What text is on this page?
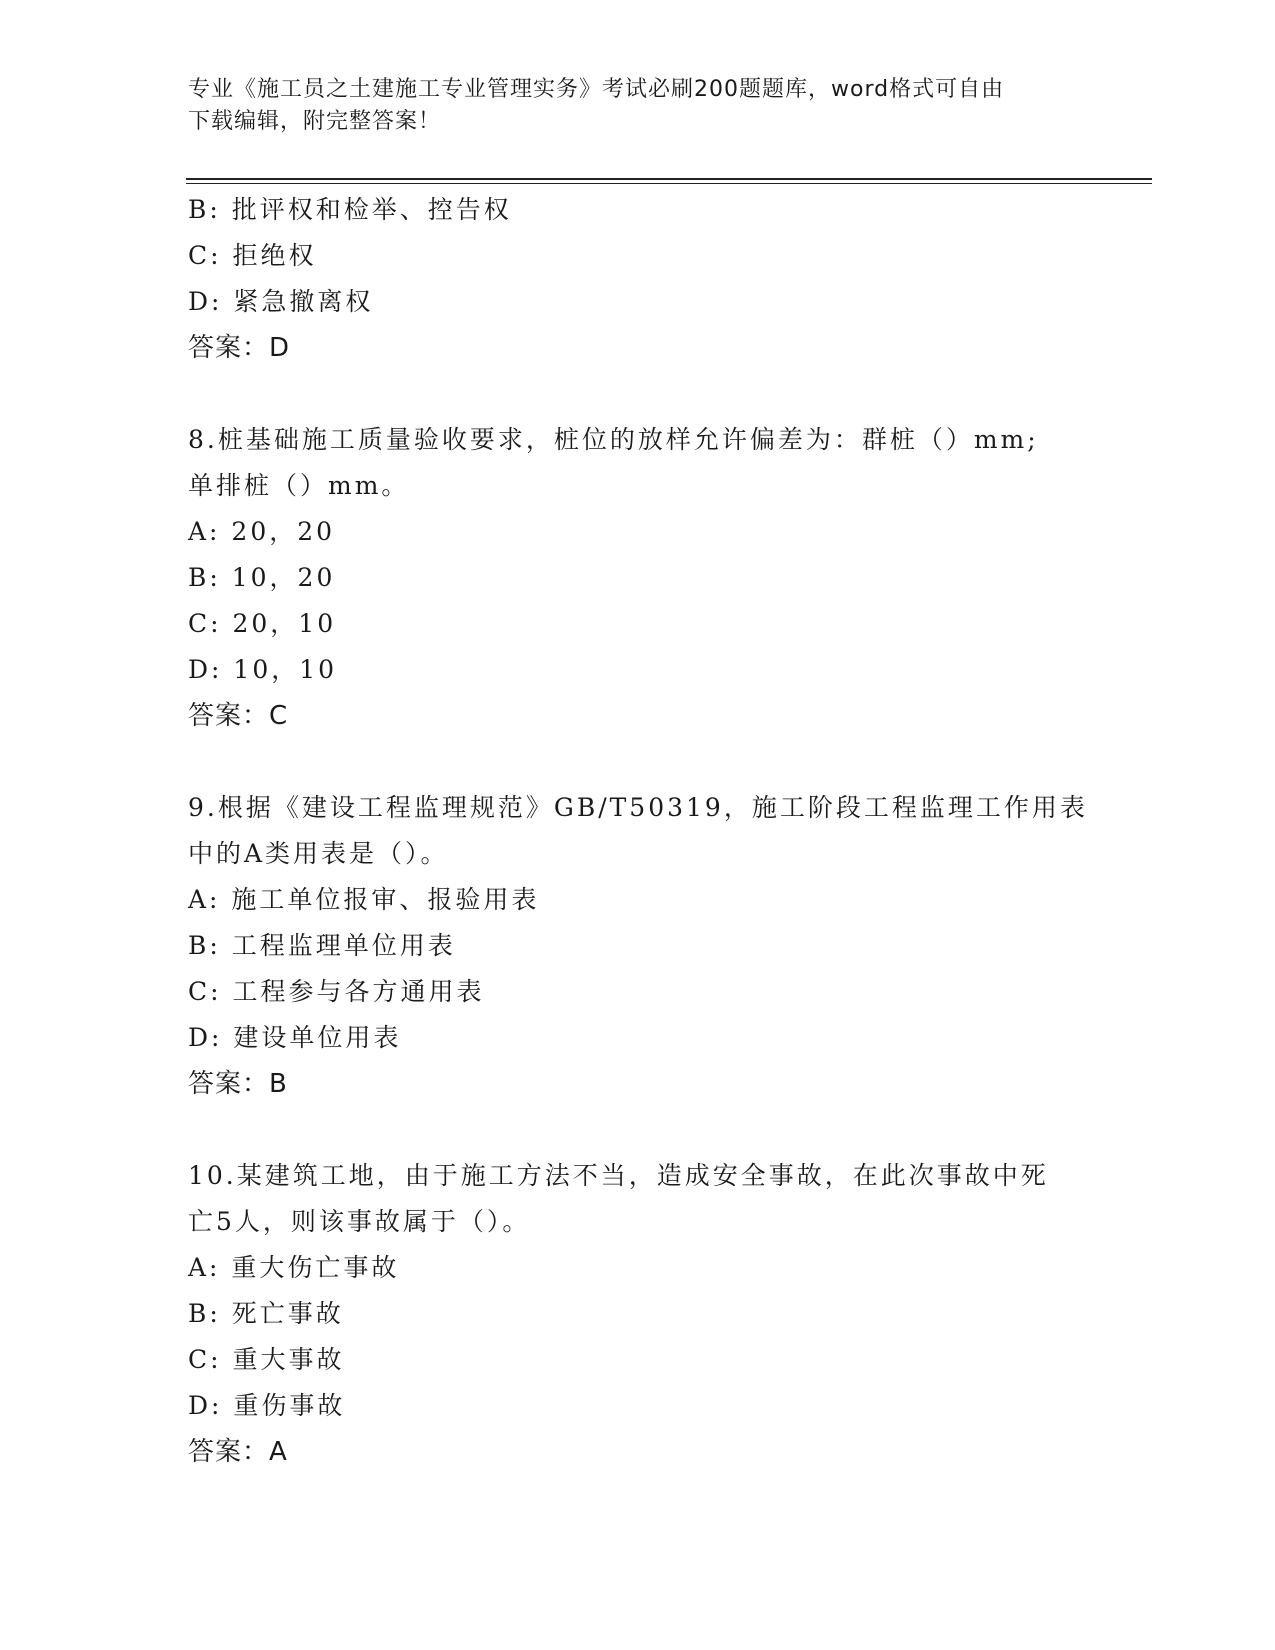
专业《施工员之土建施工专业管理实务》考试必刷200题题库，word格式可自由
下载编辑，附完整答案！
B: 批评权和检举、控告权
C: 拒绝权
D: 紧急撤离权
答案：D
8.桩基础施工质量验收要求，桩位的放样允许偏差为：群桩（）mm;
单排桩（）mm。
A: 20，20
B: 10，20
C: 20，10
D: 10，10
答案：C
9.根据《建设工程监理规范》GB/T50319，施工阶段工程监理工作用表
中的A类用表是（）。
A: 施工单位报审、报验用表
B: 工程监理单位用表
C: 工程参与各方通用表
D: 建设单位用表
答案：B
10.某建筑工地，由于施工方法不当，造成安全事故，在此次事故中死
亡5人，则该事故属于（）。
A: 重大伤亡事故
B: 死亡事故
C: 重大事故
D: 重伤事故
答案：A
